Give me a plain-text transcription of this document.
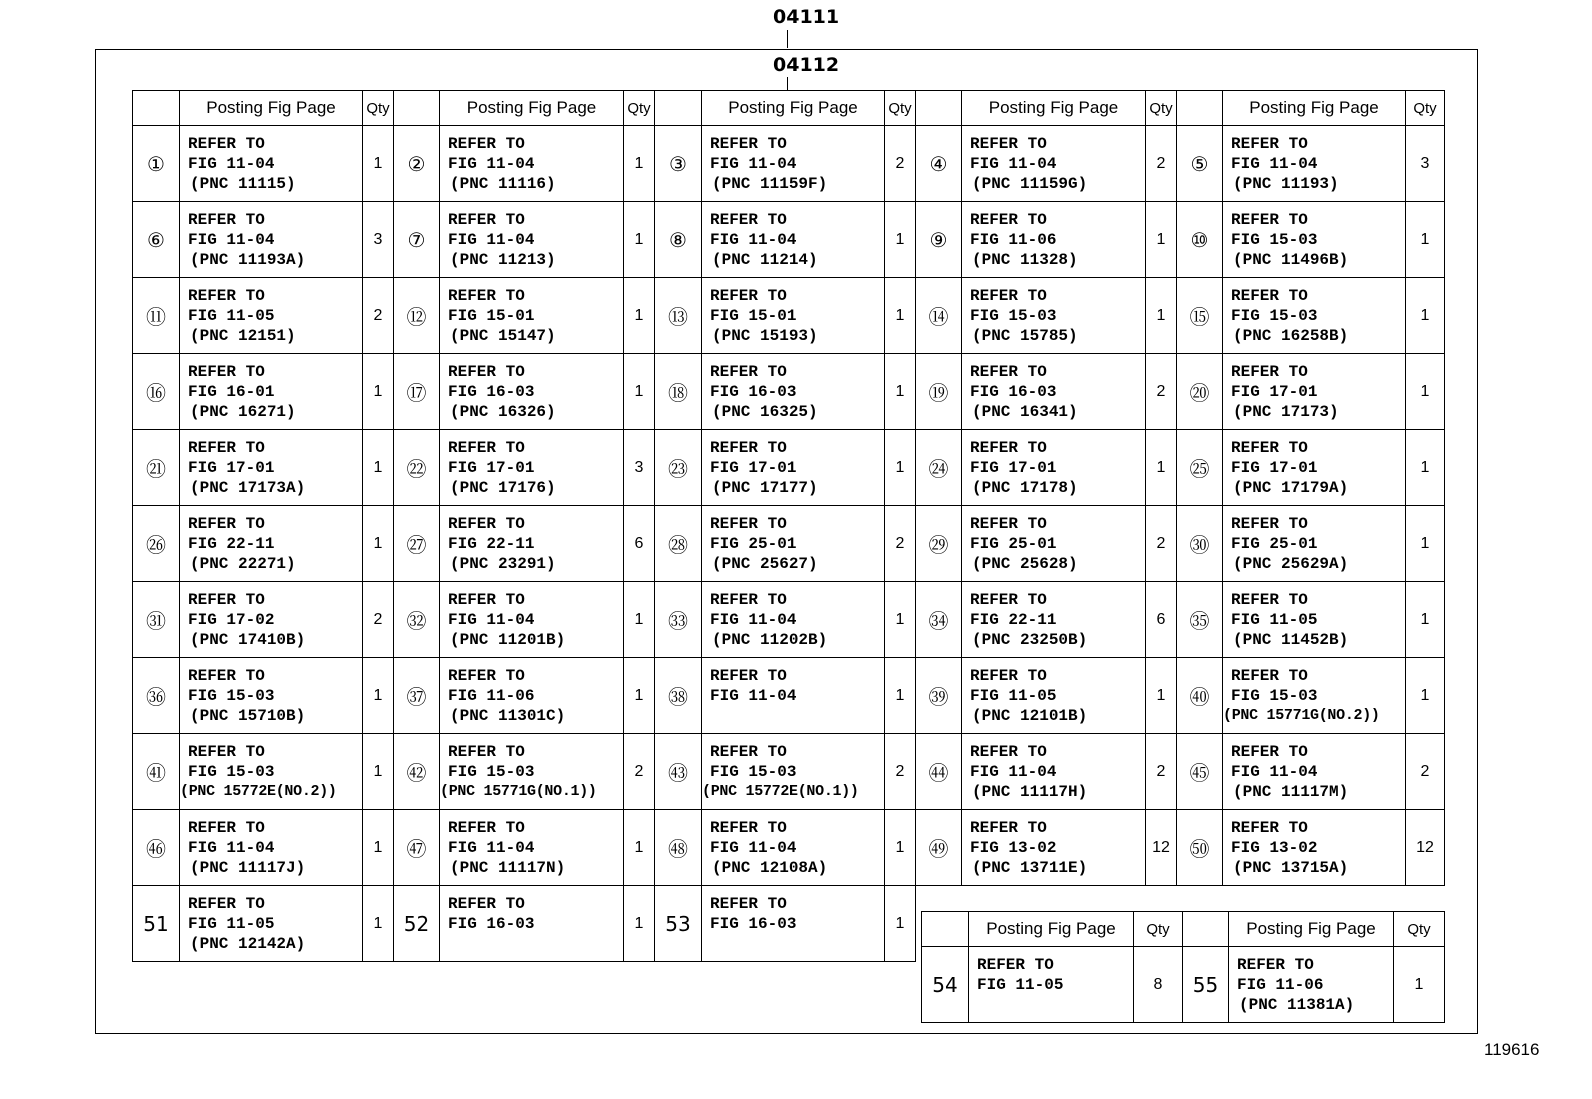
04111
04112
	Posting Fig Page	Qty		Posting Fig Page	Qty		Posting Fig Page	Qty		Posting Fig Page	Qty		Posting Fig Page	Qty
①	REFER TO
FIG 11-04
(PNC 11115)	1	②	REFER TO
FIG 11-04
(PNC 11116)	1	③	REFER TO
FIG 11-04
(PNC 11159F)	2	④	REFER TO
FIG 11-04
(PNC 11159G)	2	⑤	REFER TO
FIG 11-04
(PNC 11193)	3
⑥	REFER TO
FIG 11-04
(PNC 11193A)	3	⑦	REFER TO
FIG 11-04
(PNC 11213)	1	⑧	REFER TO
FIG 11-04
(PNC 11214)	1	⑨	REFER TO
FIG 11-06
(PNC 11328)	1	⑩	REFER TO
FIG 15-03
(PNC 11496B)	1
⑪	REFER TO
FIG 11-05
(PNC 12151)	2	⑫	REFER TO
FIG 15-01
(PNC 15147)	1	⑬	REFER TO
FIG 15-01
(PNC 15193)	1	⑭	REFER TO
FIG 15-03
(PNC 15785)	1	⑮	REFER TO
FIG 15-03
(PNC 16258B)	1
⑯	REFER TO
FIG 16-01
(PNC 16271)	1	⑰	REFER TO
FIG 16-03
(PNC 16326)	1	⑱	REFER TO
FIG 16-03
(PNC 16325)	1	⑲	REFER TO
FIG 16-03
(PNC 16341)	2	⑳	REFER TO
FIG 17-01
(PNC 17173)	1
㉑	REFER TO
FIG 17-01
(PNC 17173A)	1	㉒	REFER TO
FIG 17-01
(PNC 17176)	3	㉓	REFER TO
FIG 17-01
(PNC 17177)	1	㉔	REFER TO
FIG 17-01
(PNC 17178)	1	㉕	REFER TO
FIG 17-01
(PNC 17179A)	1
㉖	REFER TO
FIG 22-11
(PNC 22271)	1	㉗	REFER TO
FIG 22-11
(PNC 23291)	6	㉘	REFER TO
FIG 25-01
(PNC 25627)	2	㉙	REFER TO
FIG 25-01
(PNC 25628)	2	㉚	REFER TO
FIG 25-01
(PNC 25629A)	1
㉛	REFER TO
FIG 17-02
(PNC 17410B)	2	㉜	REFER TO
FIG 11-04
(PNC 11201B)	1	㉝	REFER TO
FIG 11-04
(PNC 11202B)	1	㉞	REFER TO
FIG 22-11
(PNC 23250B)	6	㉟	REFER TO
FIG 11-05
(PNC 11452B)	1
㊱	REFER TO
FIG 15-03
(PNC 15710B)	1	㊲	REFER TO
FIG 11-06
(PNC 11301C)	1	㊳	REFER TO
FIG 11-04	1	㊴	REFER TO
FIG 11-05
(PNC 12101B)	1	㊵	REFER TO
FIG 15-03
(PNC 15771G(NO.2))	1
㊶	REFER TO
FIG 15-03
(PNC 15772E(NO.2))	1	㊷	REFER TO
FIG 15-03
(PNC 15771G(NO.1))	2	㊸	REFER TO
FIG 15-03
(PNC 15772E(NO.1))	2	㊹	REFER TO
FIG 11-04
(PNC 11117H)	2	㊺	REFER TO
FIG 11-04
(PNC 11117M)	2
㊻	REFER TO
FIG 11-04
(PNC 11117J)	1	㊼	REFER TO
FIG 11-04
(PNC 11117N)	1	㊽	REFER TO
FIG 11-04
(PNC 12108A)	1	㊾	REFER TO
FIG 13-02
(PNC 13711E)	12	㊿	REFER TO
FIG 13-02
(PNC 13715A)	12
51	REFER TO
FIG 11-05
(PNC 12142A)	1	52	REFER TO
FIG 16-03	1	53	REFER TO
FIG 16-03	1						
		Posting Fig Page	Qty		Posting Fig Page	Qty
54	REFER TO
FIG 11-05	8	55	REFER TO
FIG 11-06
(PNC 11381A)	1
119616
